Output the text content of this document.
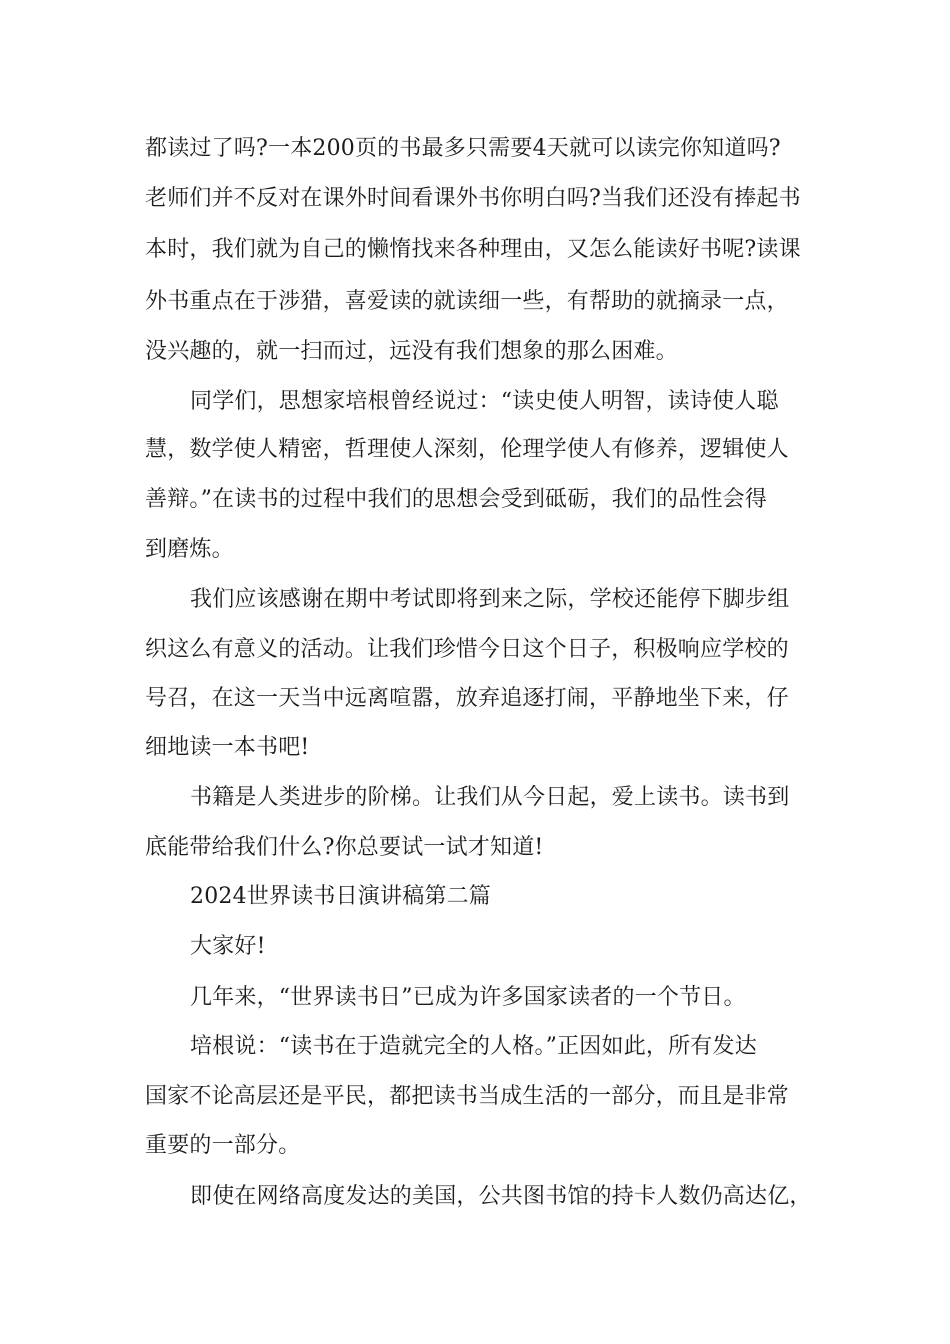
都读过了吗?一本200页的书最多只需要4天就可以读完你知道吗?

老师们并不反对在课外时间看课外书你明白吗?当我们还没有捧起书

本时，我们就为自己的懒惰找来各种理由，又怎么能读好书呢?读课

外书重点在于涉猎，喜爱读的就读细一些，有帮助的就摘录一点，

没兴趣的，就一扫而过，远没有我们想象的那么困难。

同学们，思想家培根曾经说过：“读史使人明智，读诗使人聪

慧，数学使人精密，哲理使人深刻，伦理学使人有修养，逻辑使人

善辩。”在读书的过程中我们的思想会受到砥砺，我们的品性会得

到磨炼。

我们应该感谢在期中考试即将到来之际，学校还能停下脚步组

织这么有意义的活动。让我们珍惜今日这个日子，积极响应学校的

号召，在这一天当中远离喧嚣，放弃追逐打闹，平静地坐下来，仔

细地读一本书吧!

书籍是人类进步的阶梯。让我们从今日起，爱上读书。读书到

底能带给我们什么?你总要试一试才知道!

2024世界读书日演讲稿第二篇

大家好!

几年来，“世界读书日”已成为许多国家读者的一个节日。

培根说：“读书在于造就完全的人格。”正因如此，所有发达

国家不论高层还是平民，都把读书当成生活的一部分，而且是非常

重要的一部分。

即使在网络高度发达的美国，公共图书馆的持卡人数仍高达亿，
